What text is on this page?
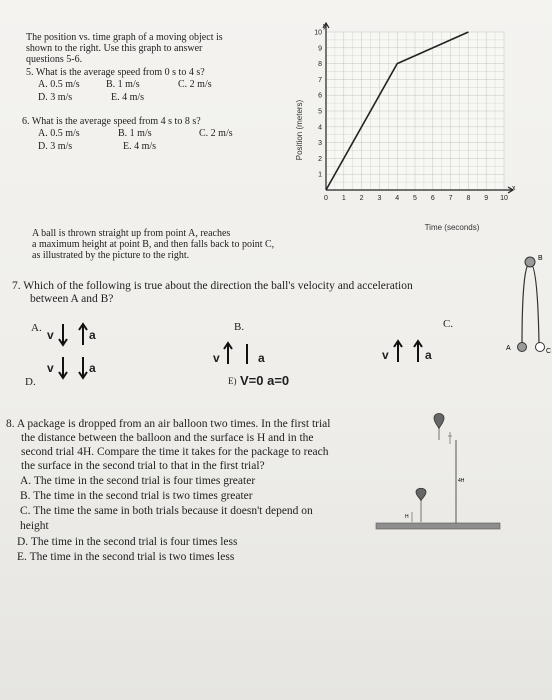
The position vs. time graph of a moving object is
shown to the right. Use this graph to answer
questions 5-6.
5. What is the average speed from 0 s to 4 s?
A. 0.5 m/s	B. 1 m/s	C. 2 m/s
D. 3 m/s	E. 4 m/s
6. What is the average speed from 4 s to 8 s?
A. 0.5 m/s	B. 1 m/s	C. 2 m/s
D. 3 m/s	E. 4 m/s
0 1 2 3 4 5 6 7 8 9 10
1
2
3
4
5
6
7
8
9
10
Time (seconds)
Position (meters)
x
y
A ball is thrown straight up from point A, reaches
a maximum height at point B, and then falls back to point C,
as illustrated by the picture to the right.	B
A	C
7. Which of the following is true about the direction the ball's velocity and acceleration
between A and B?
A.	B.	C.
D.
v	a
v	a
v	a	v	a
E) V=0 a=0
8. A package is dropped from an air balloon two times. In the first trial
the distance between the balloon and the surface is H and in the
second trial 4H. Compare the time it takes for the package to reach
the surface in the second trial to that in the first trial?
A. The time in the second trial is four times greater
B. The time in the second trial is two times greater
C. The time the same in both trials because it doesn't depend on
height
D. The time in the second trial is four times less
E. The time in the second trial is two times less
4H
H
